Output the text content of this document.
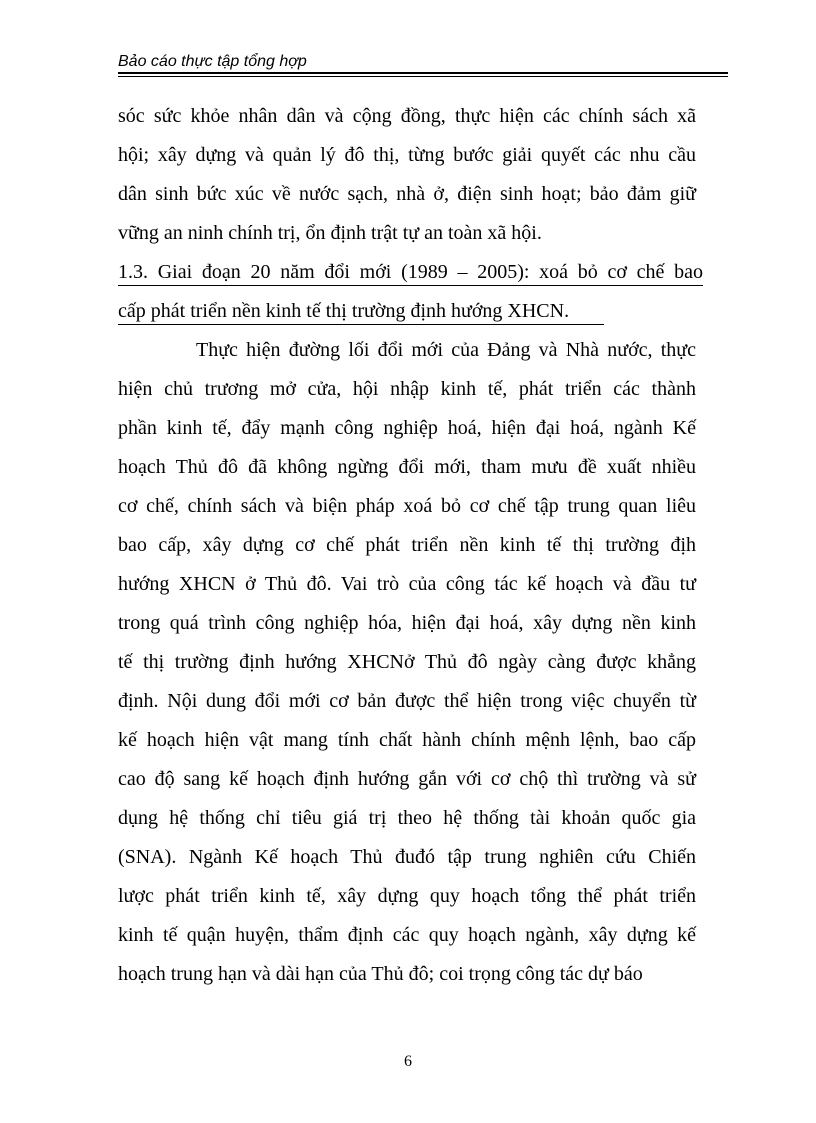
Bảo cáo thực tập tổng hợp
sóc sức khỏe nhân dân và cộng đồng, thực hiện các chính sách xã
hội; xây dựng và quản lý đô thị, từng bước giải quyết các nhu cầu
dân sinh bức xúc về nước sạch, nhà ở, điện sinh hoạt; bảo đảm giữ
vững an ninh chính trị, ổn định trật tự an toàn xã hội.
1.3. Giai đoạn 20 năm đổi mới (1989 – 2005): xoá bỏ cơ chế bao
cấp phát triển nền kinh tế thị trường định hướng XHCN.
Thực hiện đường lối đổi mới của Đảng và Nhà nước, thực
hiện chủ trương mở cửa, hội nhập kinh tế, phát triển các thành
phần kinh tế, đẩy mạnh công nghiệp hoá, hiện đại hoá, ngành Kế
hoạch Thủ đô đã không ngừng đổi mới, tham mưu đề xuất nhiều
cơ chế, chính sách và biện pháp xoá bỏ cơ chế tập trung quan liêu
bao cấp, xây dựng cơ chế phát triển nền kinh tế thị trường địh
hướng XHCN ở Thủ đô. Vai trò của công tác kế hoạch và đầu tư
trong quá trình công nghiệp hóa, hiện đại hoá, xây dựng nền kinh
tế thị trường định hướng XHCNở Thủ đô ngày càng được khẳng
định. Nội dung đổi mới cơ bản được thể hiện trong việc chuyển từ
kế hoạch hiện vật mang tính chất hành chính mệnh lệnh, bao cấp
cao độ sang kế hoạch định hướng gắn với cơ chộ thì trường và sử
dụng hệ thống chỉ tiêu giá trị theo hệ thống tài khoản quốc gia
(SNA). Ngành Kế hoạch Thủ đuđó tập trung nghiên cứu Chiến
lược phát triển kinh tế, xây dựng quy hoạch tổng thể phát triển
kinh tế quận huyện, thẩm định các quy hoạch ngành, xây dựng kế
hoạch trung hạn và dài hạn của Thủ đô; coi trọng công tác dự báo
6
